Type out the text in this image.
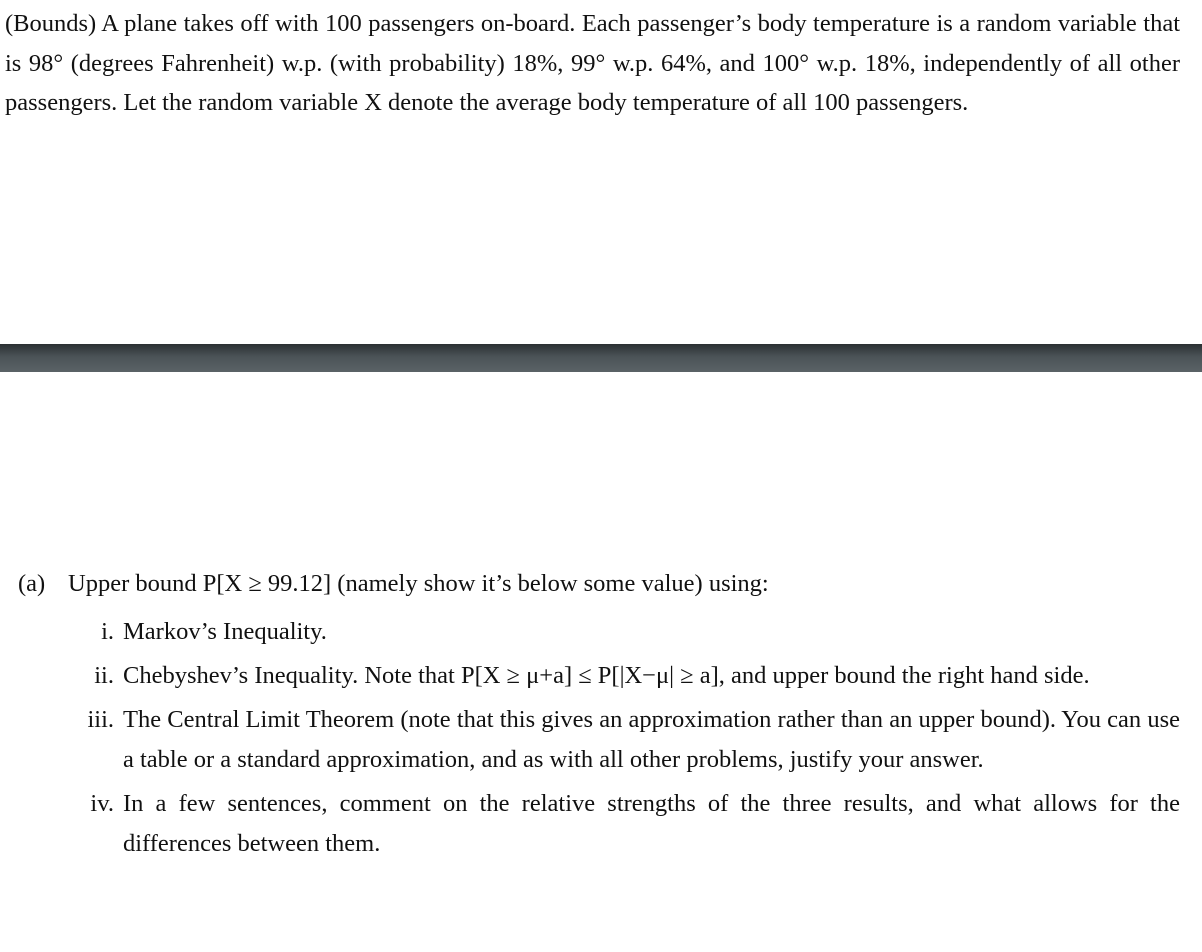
(Bounds) A plane takes off with 100 passengers on-board. Each passenger’s body temperature is a random variable that is 98° (degrees Fahrenheit) w.p. (with probability) 18%, 99° w.p. 64%, and 100° w.p. 18%, independently of all other passengers. Let the random variable X denote the average body temperature of all 100 passengers.
(a) Upper bound P[X ≥ 99.12] (namely show it’s below some value) using:
i. Markov’s Inequality.
ii. Chebyshev’s Inequality. Note that P[X ≥ μ+a] ≤ P[|X−μ| ≥ a], and upper bound the right hand side.
iii. The Central Limit Theorem (note that this gives an approximation rather than an upper bound). You can use a table or a standard approximation, and as with all other problems, justify your answer.
iv. In a few sentences, comment on the relative strengths of the three results, and what allows for the differences between them.
